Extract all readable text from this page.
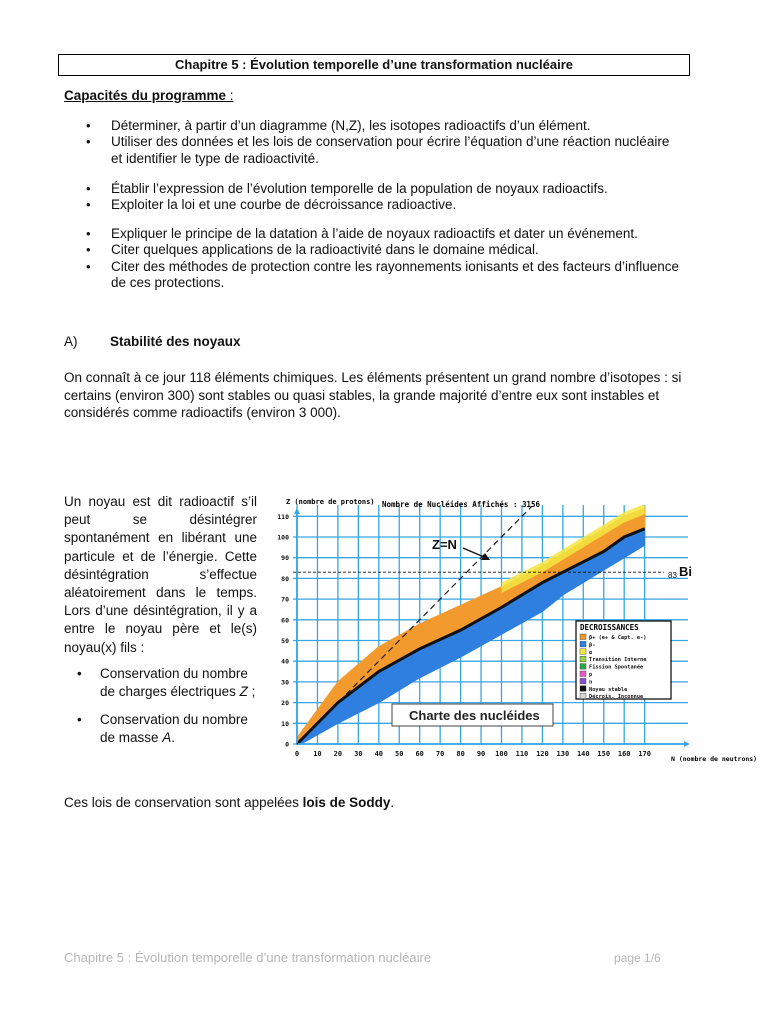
Chapitre 5 : Évolution temporelle d’une transformation nucléaire
Capacités du programme :
• Déterminer, à partir d’un diagramme (N,Z), les isotopes radioactifs d’un élément.
• Utiliser des données et les lois de conservation pour écrire l’équation d’une réaction nucléaire et identifier le type de radioactivité.
• Établir l’expression de l’évolution temporelle de la population de noyaux radioactifs.
• Exploiter la loi et une courbe de décroissance radioactive.
• Expliquer le principe de la datation à l’aide de noyaux radioactifs et dater un événement.
• Citer quelques applications de la radioactivité dans le domaine médical.
• Citer des méthodes de protection contre les rayonnements ionisants et des facteurs d’influence de ces protections.
A) Stabilité des noyaux
On connaît à ce jour 118 éléments chimiques. Les éléments présentent un grand nombre d’isotopes : si certains (environ 300) sont stables ou quasi stables, la grande majorité d’entre eux sont instables et considérés comme radioactifs (environ 3 000).
Un noyau est dit radioactif s’il peut se désintégrer spontanément en libérant une particule et de l’énergie. Cette désintégration s’effectue aléatoirement dans le temps. Lors d’une désintégration, il y a entre le noyau père et le(s) noyau(x) fils :
• Conservation du nombre de charges électriques Z ;
• Conservation du nombre de masse A.
0 10 20 30 40 50 60 70 80 90 100 110 120 130 140 150 160 170
0
10
20
30
40
50
60
70
80
90
100
110
Z=N
83 Bi
Z (nombre de protons) Nombre de Nucléides Affichés : 3156
N (nombre de neutrons)
DECROISSANCES
β+ (e+ & Capt. e-)
β-
α
Transition Interne
Fission Spontanée
p
n
Noyau stable
Décrois. Inconnue
Charte des nucléides
Ces lois de conservation sont appelées lois de Soddy.
Chapitre 5 : Évolution temporelle d’une transformation nucléaire	page 1/6
